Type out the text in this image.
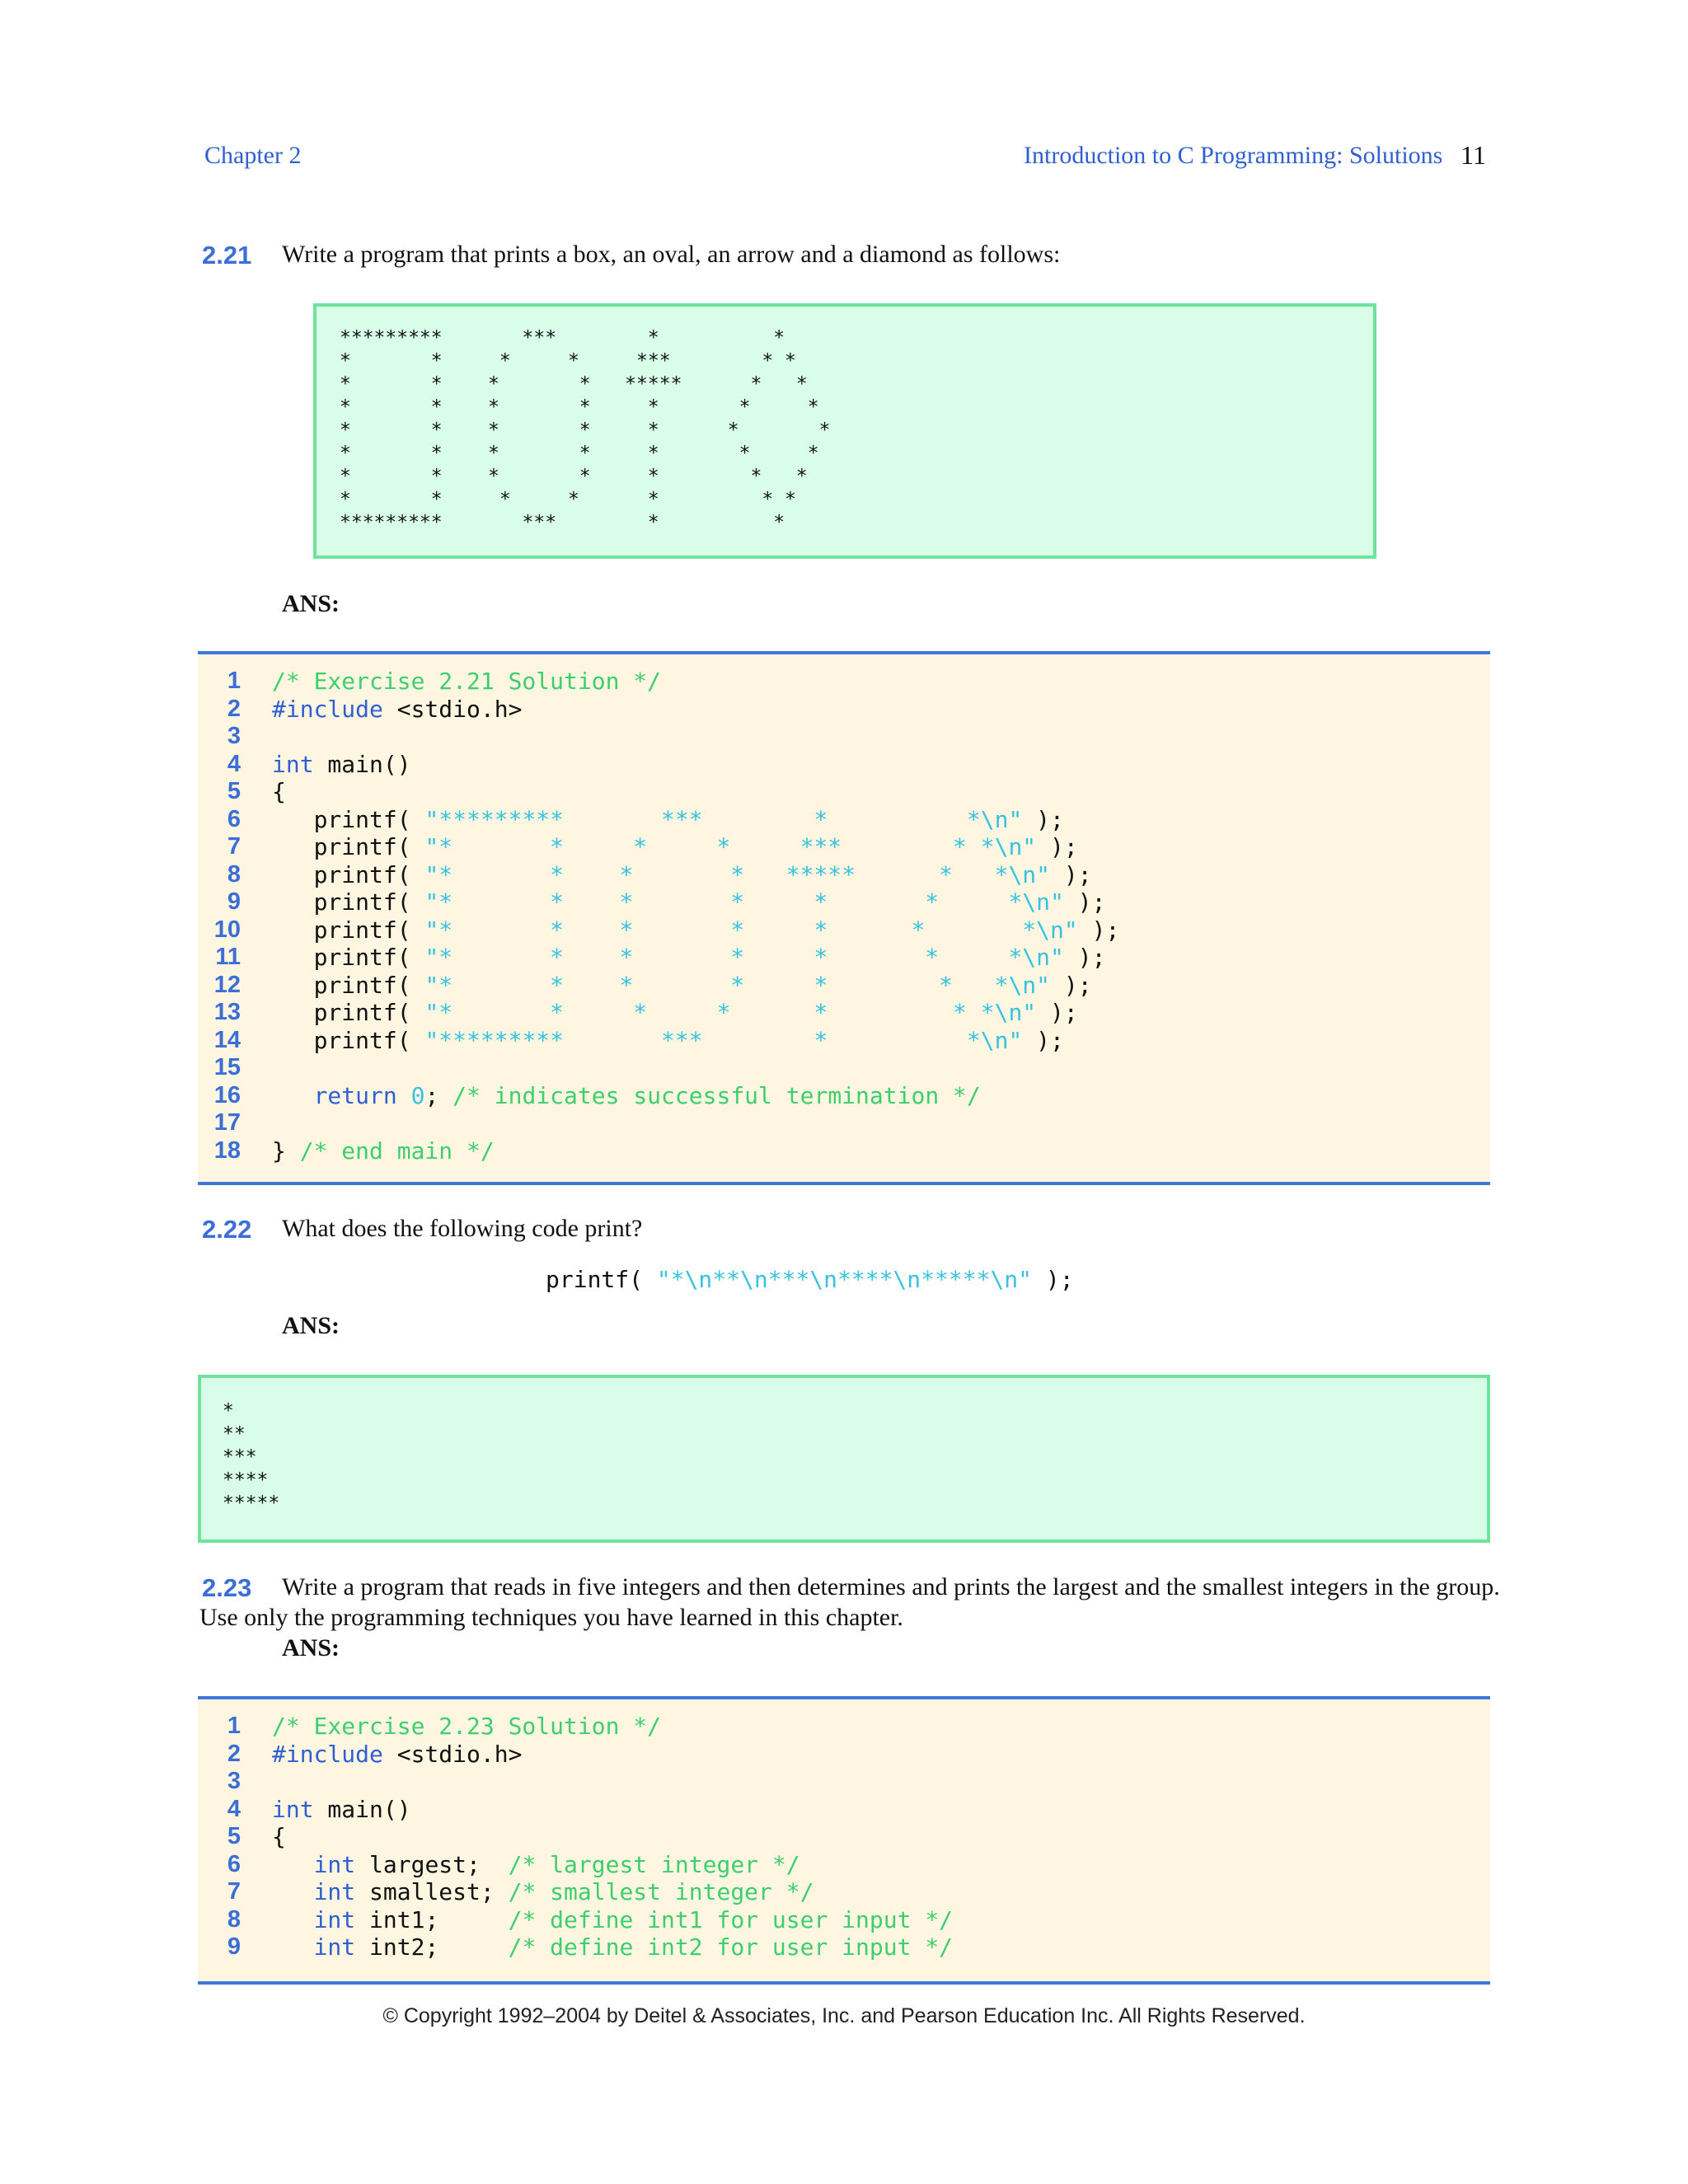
Chapter 2	Introduction to C Programming: Solutions 11
2.21 Write a program that prints a box, an oval, an arrow and a diamond as follows:
*********       ***        *          *
*       *     *     *     ***        * *
*       *    *       *   *****      *   *
*       *    *       *     *       *     *
*       *    *       *     *      *       *
*       *    *       *     *       *     *
*       *    *       *     *        *   *
*       *     *     *      *         * *
*********       ***        *          *
ANS:
1 /* Exercise 2.21 Solution */
2 #include <stdio.h>
3
4 int main()
5 {
6 printf( "*********       ***        *          *\n" );
7 printf( "*       *     *     *     ***        * *\n" );
8 printf( "*       *    *       *   *****      *   *\n" );
9 printf( "*       *    *       *     *       *     *\n" );
10 printf( "*       *    *       *     *      *       *\n" );
11 printf( "*       *    *       *     *       *     *\n" );
12 printf( "*       *    *       *     *        *   *\n" );
13 printf( "*       *     *     *      *         * *\n" );
14 printf( "*********       ***        *          *\n" );
15
16	return 0; /* indicates successful termination */
17
18 } /* end main */
2.22 What does the following code print?
printf( "*\n**\n***\n****\n*****\n" );
ANS:
*
**
***
****
*****
2.23 Write a program that reads in five integers and then determines and prints the largest and the smallest integers in the group.
Use only the programming techniques you have learned in this chapter.
ANS:
1 /* Exercise 2.23 Solution */
2 #include <stdio.h>
3
4 int main()
5 {
6	int largest;  /* largest integer */
7	int smallest; /* smallest integer */
8	int int1;     /* define int1 for user input */
9	int int2;     /* define int2 for user input */
© Copyright 1992–2004 by Deitel & Associates, Inc. and Pearson Education Inc. All Rights Reserved.
